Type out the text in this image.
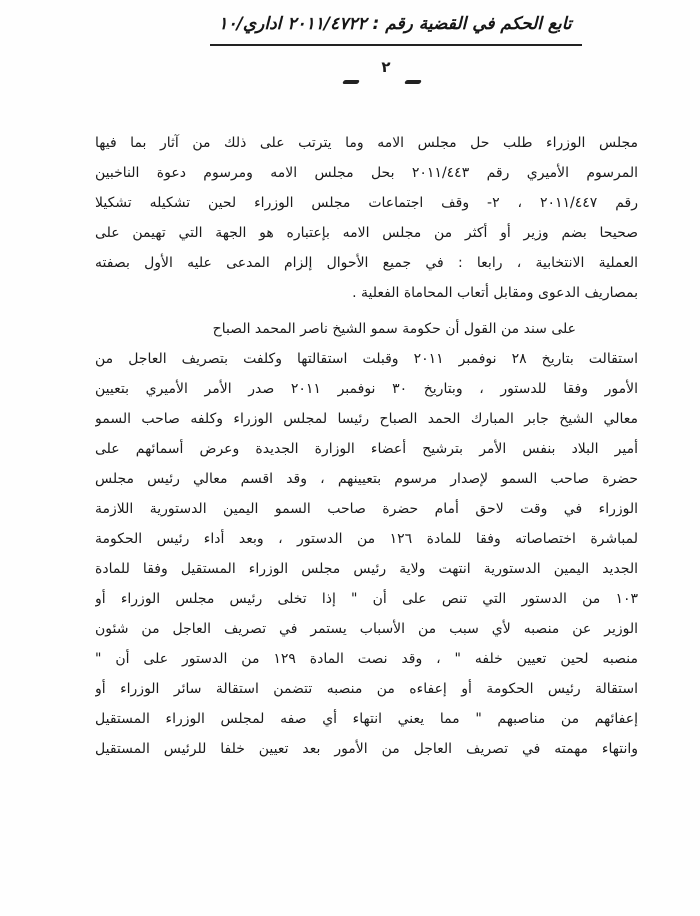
تابع الحكم في القضية رقم : ٢٠١١/٤٧٢٢ اداري/١٠
٢
مجلس الوزراء طلب حل مجلس الامه وما يترتب على ذلك من آثار بما فيها
المرسوم الأميري رقم ٢٠١١/٤٤٣ بحل مجلس الامه ومرسوم دعوة الناخبين
رقم ٢٠١١/٤٤٧ ، ٢- وقف اجتماعات مجلس الوزراء لحين تشكيله تشكيلا
صحيحا بضم وزير أو أكثر من مجلس الامه بإعتباره هو الجهة التي تهيمن على
العملية الانتخابية ، رابعا : في جميع الأحوال إلزام المدعى عليه الأول بصفته
بمصاريف الدعوى ومقابل أتعاب المحاماة الفعلية .
على سند من القول أن حكومة سمو الشيخ ناصر المحمد الصباح
استقالت بتاريخ ٢٨ نوفمبر ٢٠١١ وقبلت استقالتها وكلفت بتصريف العاجل من
الأمور وفقا للدستور ، وبتاريخ ٣٠ نوفمبر ٢٠١١ صدر الأمر الأميري بتعيين
معالي الشيخ جابر المبارك الحمد الصباح رئيسا لمجلس الوزراء وكلفه صاحب السمو
أمير البلاد بنفس الأمر بترشيح أعضاء الوزارة الجديدة وعرض أسمائهم على
حضرة صاحب السمو لإصدار مرسوم بتعيينهم ، وقد اقسم معالي رئيس مجلس
الوزراء في وقت لاحق أمام حضرة صاحب السمو اليمين الدستورية اللازمة
لمباشرة اختصاصاته وفقا للمادة ١٢٦ من الدستور ، وبعد أداء رئيس الحكومة
الجديد اليمين الدستورية انتهت ولاية رئيس مجلس الوزراء المستقيل وفقا للمادة
١٠٣ من الدستور التي تنص على أن " إذا تخلى رئيس مجلس الوزراء أو
الوزير عن منصبه لأي سبب من الأسباب يستمر في تصريف العاجل من شئون
منصبه لحين تعيين خلفه " ، وقد نصت المادة ١٢٩ من الدستور على أن "
استقالة رئيس الحكومة أو إعفاءه من منصبه تتضمن استقالة سائر الوزراء أو
إعفائهم من مناصبهم " مما يعني انتهاء أي صفه لمجلس الوزراء المستقيل
وانتهاء مهمته في تصريف العاجل من الأمور بعد تعيين خلفا للرئيس المستقيل
